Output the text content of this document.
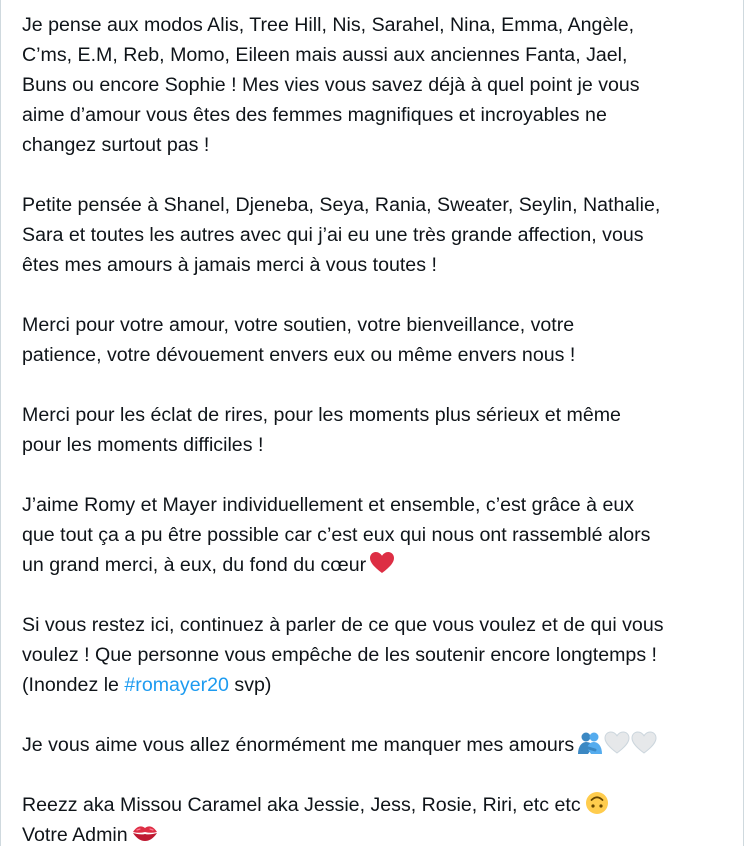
Je pense aux modos Alis, Tree Hill, Nis, Sarahel, Nina, Emma, Angèle,
C’ms, E.M, Reb, Momo, Eileen mais aussi aux anciennes Fanta, Jael,
Buns ou encore Sophie ! Mes vies vous savez déjà à quel point je vous
aime d’amour vous êtes des femmes magnifiques et incroyables ne
changez surtout pas !
Petite pensée à Shanel, Djeneba, Seya, Rania, Sweater, Seylin, Nathalie,
Sara et toutes les autres avec qui j’ai eu une très grande affection, vous
êtes mes amours à jamais merci à vous toutes !
Merci pour votre amour, votre soutien, votre bienveillance, votre
patience, votre dévouement envers eux ou même envers nous !
Merci pour les éclat de rires, pour les moments plus sérieux et même
pour les moments difficiles !
J’aime Romy et Mayer individuellement et ensemble, c’est grâce à eux
que tout ça a pu être possible car c’est eux qui nous ont rassemblé alors
un grand merci, à eux, du fond du cœur
Si vous restez ici, continuez à parler de ce que vous voulez et de qui vous
voulez ! Que personne vous empêche de les soutenir encore longtemps !
(Inondez le #romayer20 svp)
Je vous aime vous allez énormément me manquer mes amours
Reezz aka Missou Caramel aka Jessie, Jess, Rosie, Riri, etc etc
Votre Admin
